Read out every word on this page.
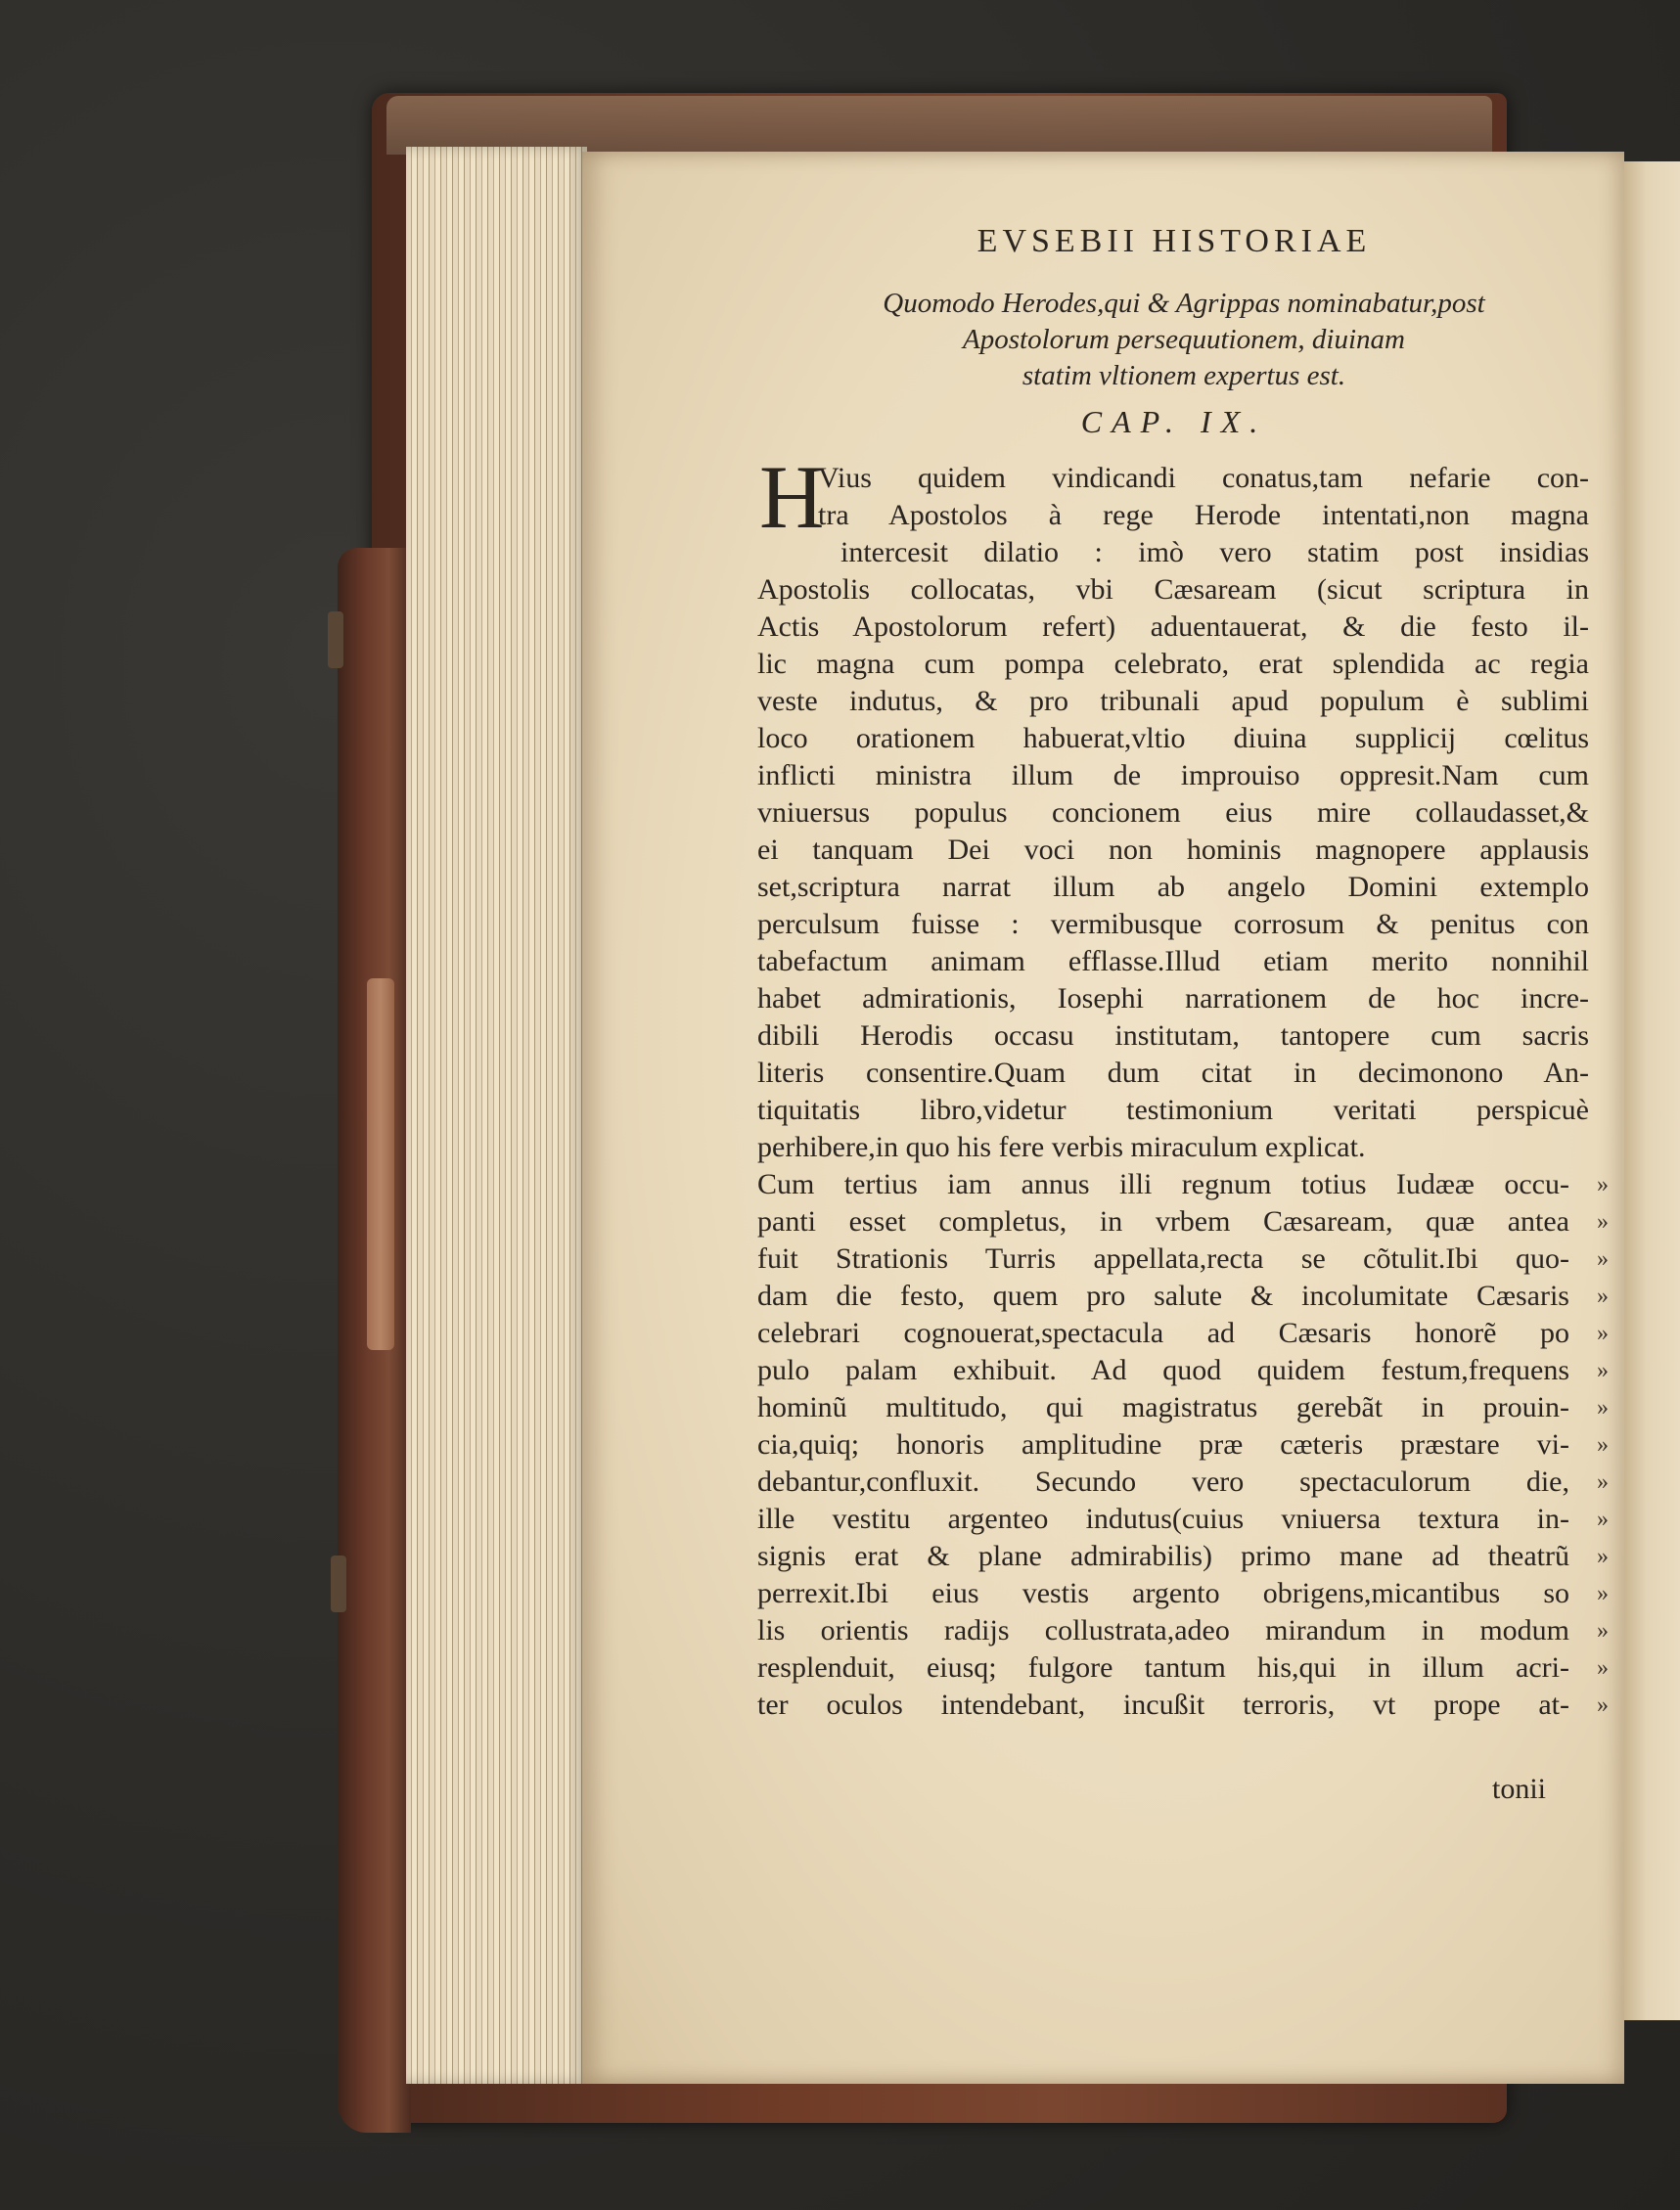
EVSEBII HISTORIAE
Quomodo Herodes,qui & Agrippas nominabatur,post
Apostolorum persequutionem, diuinam
statim vltionem expertus est.
CAP. IX.
H
Vius quidem vindicandi conatus,tam nefarie con-
tra Apostolos à rege Herode intentati,non magna
intercesit dilatio : imò vero statim post insidias
Apostolis collocatas, vbi Cæsaream (sicut scriptura in
Actis Apostolorum refert) aduentauerat, & die festo il-
lic magna cum pompa celebrato, erat splendida ac regia
veste indutus, & pro tribunali apud populum è sublimi
loco orationem habuerat,vltio diuina supplicij cœlitus
inflicti ministra illum de improuiso oppresit.Nam cum
vniuersus populus concionem eius mire collaudasset,&
ei tanquam Dei voci non hominis magnopere applausis
set,scriptura narrat illum ab angelo Domini extemplo
perculsum fuisse : vermibusque corrosum & penitus con
tabefactum animam efflasse.Illud etiam merito nonnihil
habet admirationis, Iosephi narrationem de hoc incre-
dibili Herodis occasu institutam, tantopere cum sacris
literis consentire.Quam dum citat in decimonono An-
tiquitatis libro,videtur testimonium veritati perspicuè
perhibere,in quo his fere verbis miraculum explicat.
Cum tertius iam annus illi regnum totius Iudææ occu-
panti esset completus, in vrbem Cæsaream, quæ antea
fuit Strationis Turris appellata,recta se cõtulit.Ibi quo-
dam die festo, quem pro salute & incolumitate Cæsaris
celebrari cognouerat,spectacula ad Cæsaris honorẽ po
pulo palam exhibuit. Ad quod quidem festum,frequens
hominũ multitudo, qui magistratus gerebãt in prouin-
cia,quiq; honoris amplitudine præ cæteris præstare vi-
debantur,confluxit. Secundo vero spectaculorum die,
ille vestitu argenteo indutus(cuius vniuersa textura in-
signis erat & plane admirabilis) primo mane ad theatrũ
perrexit.Ibi eius vestis argento obrigens,micantibus so
lis orientis radijs collustrata,adeo mirandum in modum
resplenduit, eiusq; fulgore tantum his,qui in illum acri-
ter oculos intendebant, incußit terroris, vt prope at-
»
»
»
»
»
»
»
»
»
»
»
»
»
»
»
tonii
